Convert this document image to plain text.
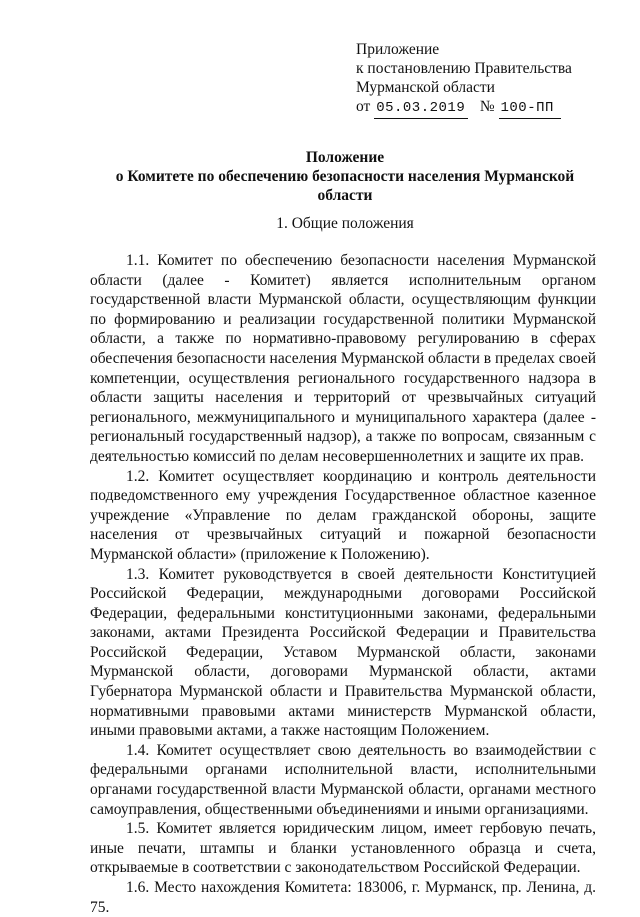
Приложение
к постановлению Правительства
Мурманской области
от 05.03.2019 № 100-ПП
Положение
о Комитете по обеспечению безопасности населения Мурманской
области
1. Общие положения

1.1. Комитет по обеспечению безопасности населения Мурманской области (далее - Комитет) является исполнительным органом государственной власти Мурманской области, осуществляющим функции по формированию и реализации государственной политики Мурманской области, а также по нормативно-правовому регулированию в сферах обеспечения безопасности населения Мурманской области в пределах своей компетенции, осуществления регионального государственного надзора в области защиты населения и территорий от чрезвычайных ситуаций регионального, межмуниципального и муниципального характера (далее - региональный государственный надзор), а также по вопросам, связанным с деятельностью комиссий по делам несовершеннолетних и защите их прав.

1.2. Комитет осуществляет координацию и контроль деятельности подведомственного ему учреждения Государственное областное казенное учреждение «Управление по делам гражданской обороны, защите населения от чрезвычайных ситуаций и пожарной безопасности Мурманской области» (приложение к Положению).

1.3. Комитет руководствуется в своей деятельности Конституцией Российской Федерации, международными договорами Российской Федерации, федеральными конституционными законами, федеральными законами, актами Президента Российской Федерации и Правительства Российской Федерации, Уставом Мурманской области, законами Мурманской области, договорами Мурманской области, актами Губернатора Мурманской области и Правительства Мурманской области, нормативными правовыми актами министерств Мурманской области, иными правовыми актами, а также настоящим Положением.

1.4. Комитет осуществляет свою деятельность во взаимодействии с федеральными органами исполнительной власти, исполнительными органами государственной власти Мурманской области, органами местного самоуправления, общественными объединениями и иными организациями.

1.5. Комитет является юридическим лицом, имеет гербовую печать, иные печати, штампы и бланки установленного образца и счета, открываемые в соответствии с законодательством Российской Федерации.

1.6. Место нахождения Комитета: 183006, г. Мурманск, пр. Ленина, д. 75.
